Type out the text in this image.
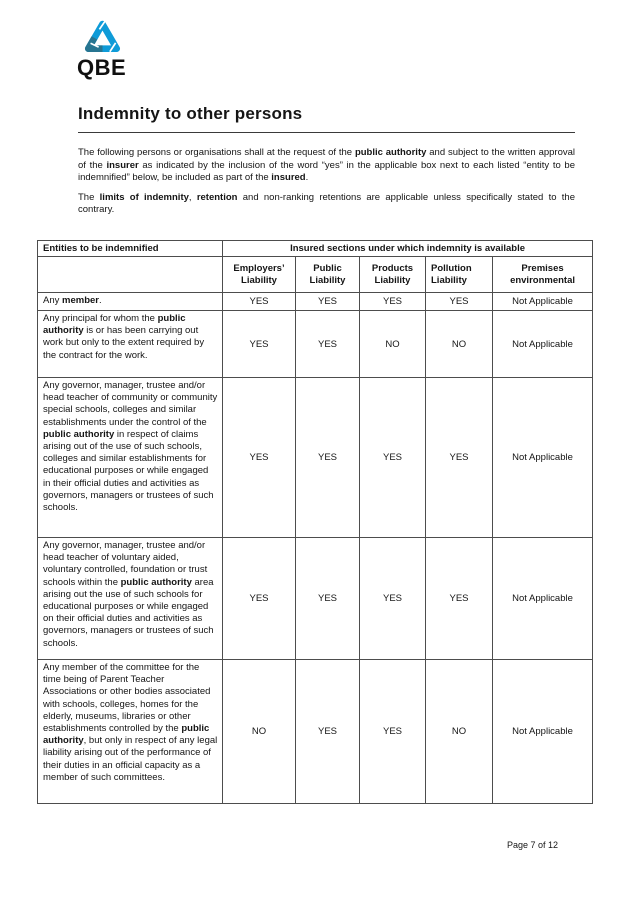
QBE
Indemnity to other persons

The following persons or organisations shall at the request of the public authority and subject to the written approval of the insurer as indicated by the inclusion of the word “yes” in the applicable box next to each listed “entity to be indemnified” below, be included as part of the insured.

The limits of indemnity, retention and non-ranking retentions are applicable unless specifically stated to the contrary.

Entities to be indemnified	Insured sections under which indemnity is available				
	Employers’ Liability	Public Liability	Products Liability	Pollution Liability	Premises environmental
Any member.	YES	YES	YES	YES	Not Applicable
Any principal for whom the public authority is or has been carrying out work but only to the extent required by the contract for the work.	YES	YES	NO	NO	Not Applicable
Any governor, manager, trustee and/or head teacher of community or community special schools, colleges and similar establishments under the control of the public authority in respect of claims arising out of the use of such schools, colleges and similar establishments for educational purposes or while engaged in their official duties and activities as governors, managers or trustees of such schools.	YES	YES	YES	YES	Not Applicable
Any governor, manager, trustee and/or head teacher of voluntary aided, voluntary controlled, foundation or trust schools within the public authority area arising out the use of such schools for educational purposes or while engaged on their official duties and activities as governors, managers or trustees of such schools.	YES	YES	YES	YES	Not Applicable
Any member of the committee for the time being of Parent Teacher Associations or other bodies associated with schools, colleges, homes for the elderly, museums, libraries or other establishments controlled by the public authority, but only in respect of any legal liability arising out of the performance of their duties in an official capacity as a member of such committees.	NO	YES	YES	NO	Not Applicable
Page 7 of 12
